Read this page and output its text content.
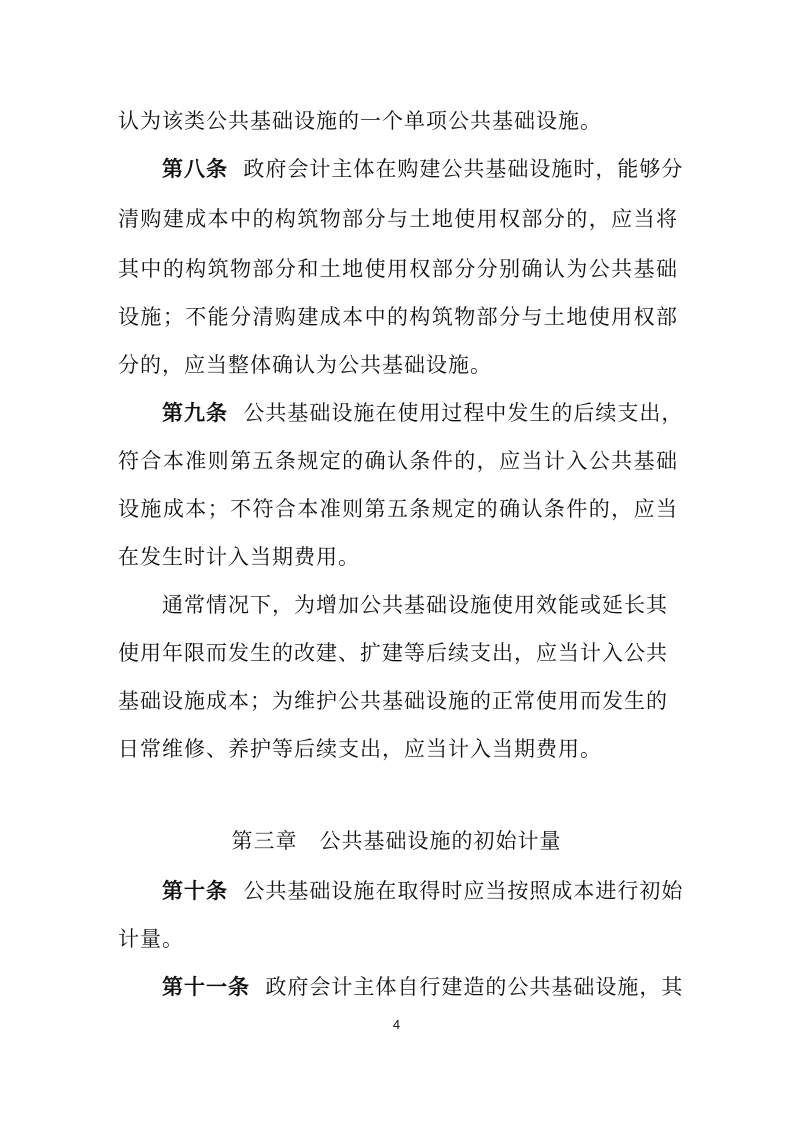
认为该类公共基础设施的一个单项公共基础设施。
第八条 政府会计主体在购建公共基础设施时，能够分
清购建成本中的构筑物部分与土地使用权部分的，应当将
其中的构筑物部分和土地使用权部分分别确认为公共基础
设施；不能分清购建成本中的构筑物部分与土地使用权部
分的，应当整体确认为公共基础设施。
第九条 公共基础设施在使用过程中发生的后续支出，
符合本准则第五条规定的确认条件的，应当计入公共基础
设施成本；不符合本准则第五条规定的确认条件的，应当
在发生时计入当期费用。
通常情况下，为增加公共基础设施使用效能或延长其
使用年限而发生的改建、扩建等后续支出，应当计入公共
基础设施成本；为维护公共基础设施的正常使用而发生的
日常维修、养护等后续支出，应当计入当期费用。
第三章　公共基础设施的初始计量
第十条 公共基础设施在取得时应当按照成本进行初始
计量。
第十一条 政府会计主体自行建造的公共基础设施，其
4
